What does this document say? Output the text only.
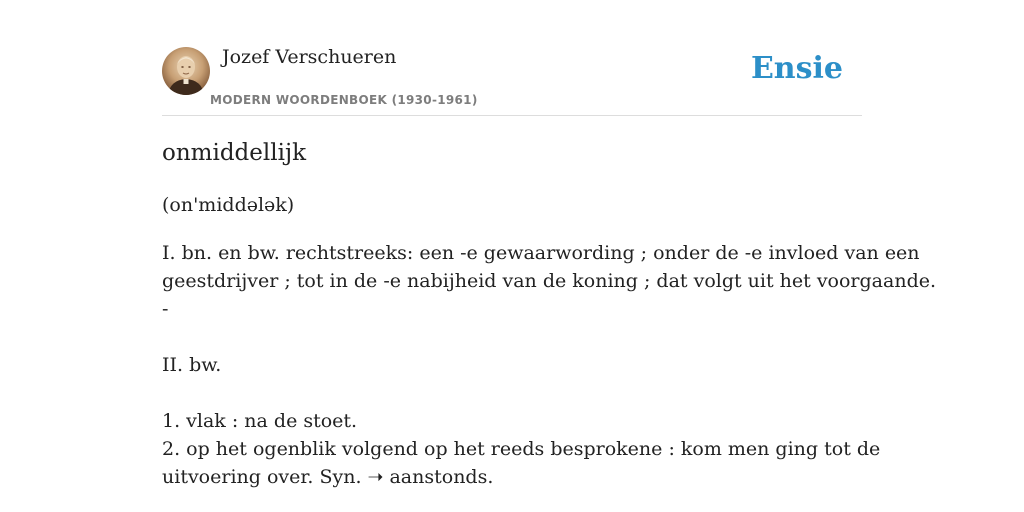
Jozef Verschueren
MODERN WOORDENBOEK (1930-1961)
Ensie
onmiddellijk
(on'middələk)
I. bn. en bw. rechtstreeks: een -e gewaarwording ; onder de -e invloed van een
geestdrijver ; tot in de -e nabijheid van de koning ; dat volgt uit het voorgaande.
-
II. bw.
1. vlak : na de stoet.
2. op het ogenblik volgend op het reeds besprokene : kom men ging tot de
uitvoering over. Syn. ➝ aanstonds.
